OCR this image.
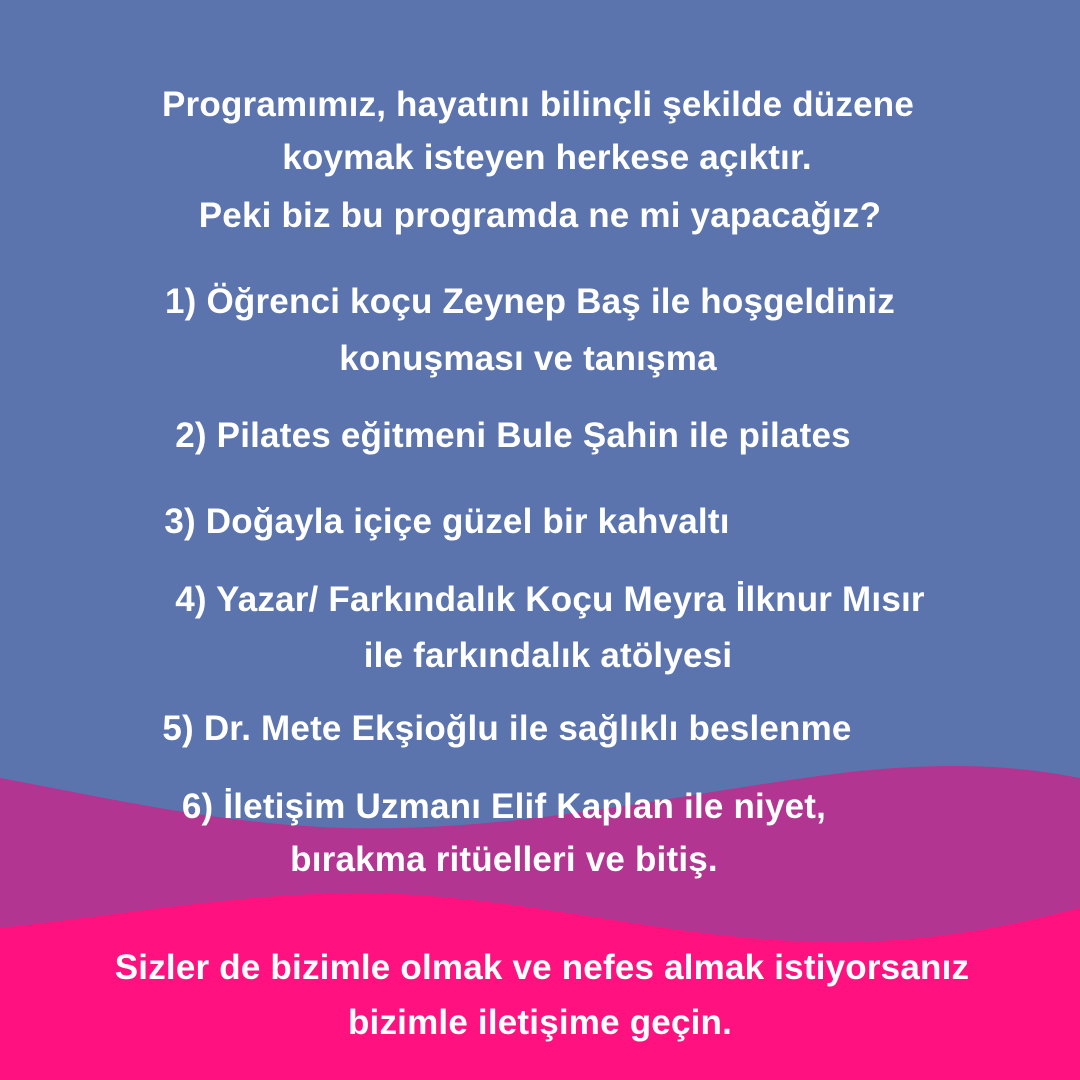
Programımız, hayatını bilinçli şekilde düzene
koymak isteyen herkese açıktır.
Peki biz bu programda ne mi yapacağız?
1) Öğrenci koçu Zeynep Baş ile hoşgeldiniz
konuşması ve tanışma
2) Pilates eğitmeni Bule Şahin ile pilates
3) Doğayla içiçe güzel bir kahvaltı
4) Yazar/ Farkındalık Koçu Meyra İlknur Mısır
ile farkındalık atölyesi
5) Dr. Mete Ekşioğlu ile sağlıklı beslenme
6) İletişim Uzmanı Elif Kaplan ile niyet,
bırakma ritüelleri ve bitiş.
Sizler de bizimle olmak ve nefes almak istiyorsanız
bizimle iletişime geçin.
